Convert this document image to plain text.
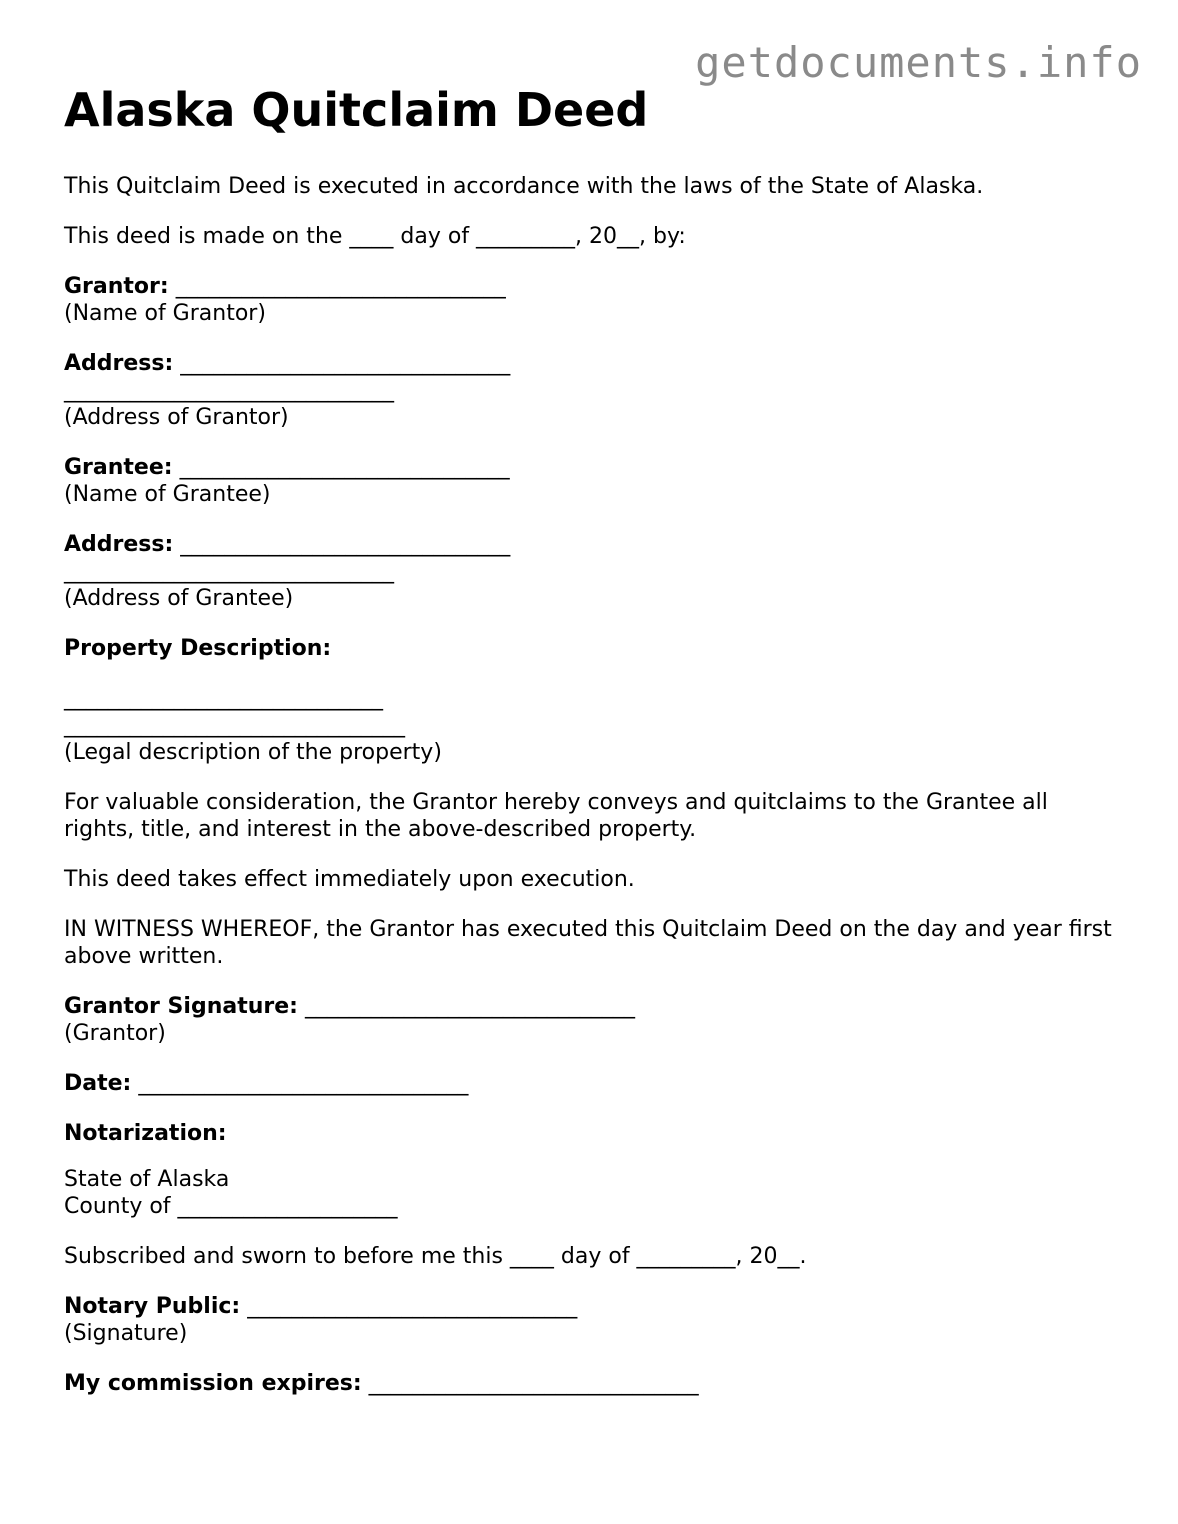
getdocuments.info
Alaska Quitclaim Deed

This Quitclaim Deed is executed in accordance with the laws of the State of Alaska.

This deed is made on the ____ day of _________, 20__, by:

Grantor: ______________________________
(Name of Grantor)

Address: ______________________________
______________________________
(Address of Grantor)

Grantee: ______________________________
(Name of Grantee)

Address: ______________________________
______________________________
(Address of Grantee)

Property Description:
_____________________________
_______________________________
(Legal description of the property)

For valuable consideration, the Grantor hereby conveys and quitclaims to the Grantee all rights, title, and interest in the above-described property.

This deed takes effect immediately upon execution.

IN WITNESS WHEREOF, the Grantor has executed this Quitclaim Deed on the day and year first above written.

Grantor Signature: ______________________________
(Grantor)

Date: ______________________________

Notarization:

State of Alaska
County of ____________________

Subscribed and sworn to before me this ____ day of _________, 20__.

Notary Public: ______________________________
(Signature)

My commission expires: ______________________________
